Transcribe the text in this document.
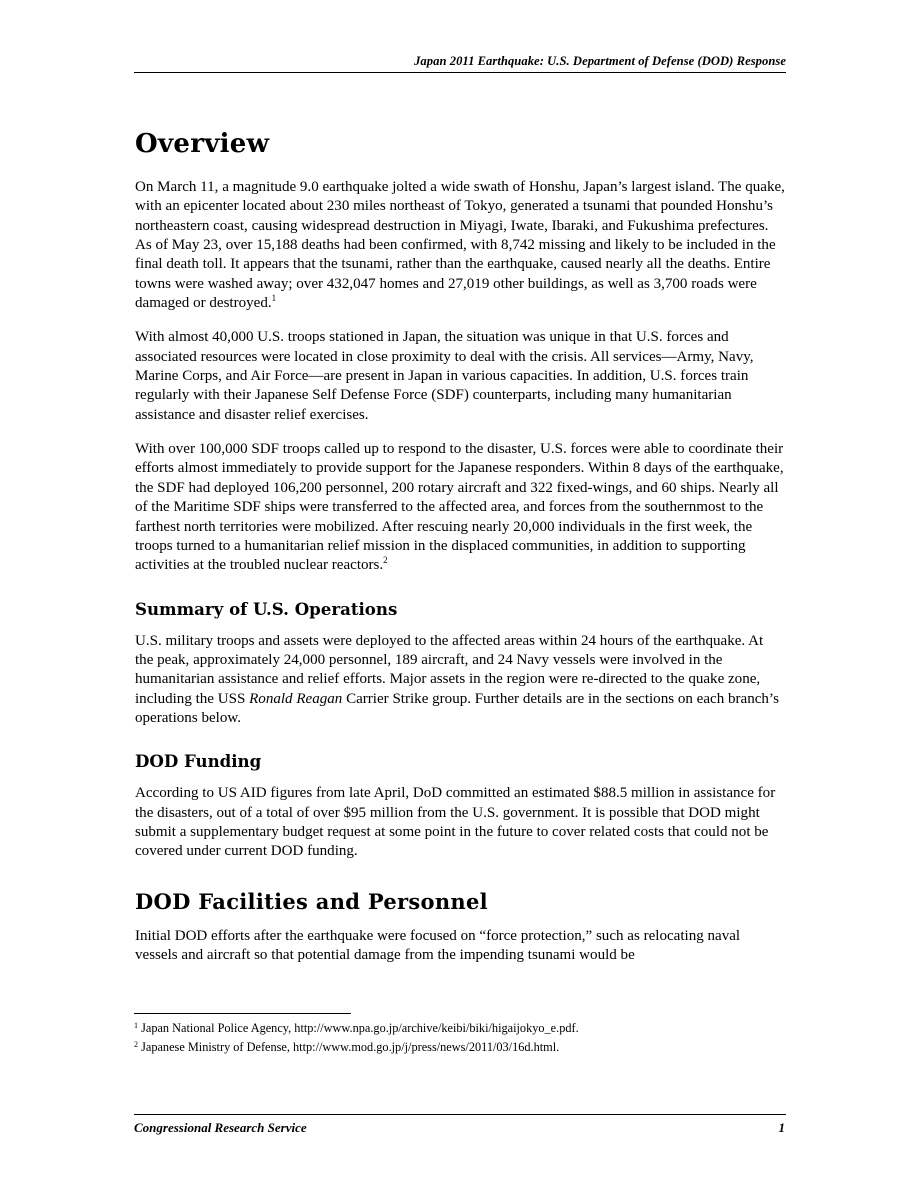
Japan 2011 Earthquake: U.S. Department of Defense (DOD) Response
Overview

On March 11, a magnitude 9.0 earthquake jolted a wide swath of Honshu, Japan’s largest island. The quake, with an epicenter located about 230 miles northeast of Tokyo, generated a tsunami that pounded Honshu’s northeastern coast, causing widespread destruction in Miyagi, Iwate, Ibaraki, and Fukushima prefectures. As of May 23, over 15,188 deaths had been confirmed, with 8,742 missing and likely to be included in the final death toll. It appears that the tsunami, rather than the earthquake, caused nearly all the deaths. Entire towns were washed away; over 432,047 homes and 27,019 other buildings, as well as 3,700 roads were damaged or destroyed.$^1$

With almost 40,000 U.S. troops stationed in Japan, the situation was unique in that U.S. forces and associated resources were located in close proximity to deal with the crisis. All services—Army, Navy, Marine Corps, and Air Force—are present in Japan in various capacities. In addition, U.S. forces train regularly with their Japanese Self Defense Force (SDF) counterparts, including many humanitarian assistance and disaster relief exercises.

With over 100,000 SDF troops called up to respond to the disaster, U.S. forces were able to coordinate their efforts almost immediately to provide support for the Japanese responders. Within 8 days of the earthquake, the SDF had deployed 106,200 personnel, 200 rotary aircraft and 322 fixed-wings, and 60 ships. Nearly all of the Maritime SDF ships were transferred to the affected area, and forces from the southernmost to the farthest north territories were mobilized. After rescuing nearly 20,000 individuals in the first week, the troops turned to a humanitarian relief mission in the displaced communities, in addition to supporting activities at the troubled nuclear reactors.$^2$

Summary of U.S. Operations

U.S. military troops and assets were deployed to the affected areas within 24 hours of the earthquake. At the peak, approximately 24,000 personnel, 189 aircraft, and 24 Navy vessels were involved in the humanitarian assistance and relief efforts. Major assets in the region were re-directed to the quake zone, including the USS Ronald Reagan Carrier Strike group. Further details are in the sections on each branch’s operations below.

DOD Funding

According to US AID figures from late April, DoD committed an estimated $88.5 million in assistance for the disasters, out of a total of over $95 million from the U.S. government. It is possible that DOD might submit a supplementary budget request at some point in the future to cover related costs that could not be covered under current DOD funding.

DOD Facilities and Personnel

Initial DOD efforts after the earthquake were focused on “force protection,” such as relocating naval vessels and aircraft so that potential damage from the impending tsunami would be

$^1$ Japan National Police Agency, http://www.npa.go.jp/archive/keibi/biki/higaijokyo_e.pdf.
$^2$ Japanese Ministry of Defense, http://www.mod.go.jp/j/press/news/2011/03/16d.html.
Congressional Research Service	1
